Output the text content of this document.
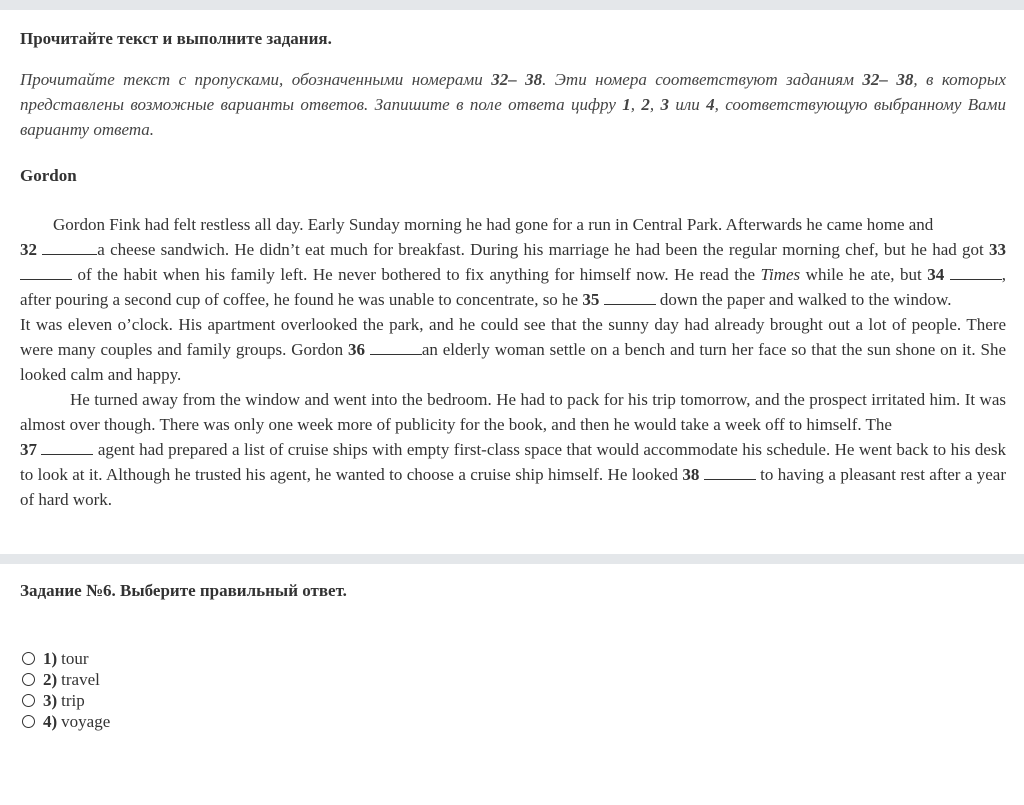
Прочитайте текст и выполните задания.
Прочитайте текст с пропусками, обозначенными номерами 32– 38. Эти номера соответствуют заданиям 32– 38, в которых представлены возможные варианты ответов. Запишите в поле ответа цифру 1, 2, 3 или 4, соответствующую выбранному Вами варианту ответа.
Gordon

Gordon Fink had felt restless all day. Early Sunday morning he had gone for a run in Central Park. Afterwards he came home and
32	a cheese sandwich. He didn’t eat much for breakfast. During his marriage he had been the regular morning chef, but he had got 33  of the habit when his family left. He never bothered to fix anything for himself now. He read the Times while he ate, but 34	, after pouring a second cup of coffee, he found he was unable to concentrate, so he 35	down the paper and walked to the window.

It was eleven o’clock. His apartment overlooked the park, and he could see that the sunny day had already brought out a lot of people. There were many couples and family groups. Gordon 36	an elderly woman settle on a bench and turn her face so that the sun shone on it. She looked calm and happy.

He turned away from the window and went into the bedroom. He had to pack for his trip tomorrow, and the prospect irritated him. It was almost over though. There was only one week more of publicity for the book, and then he would take a week off to himself. The
37	agent had prepared a list of cruise ships with empty first-class space that would accommodate his schedule. He went back to his desk to look at it. Although he trusted his agent, he wanted to choose a cruise ship himself. He looked 38	to having a pleasant rest after a year of hard work.

Задание №6. Выберите правильный ответ.
1) tour
2) travel
3) trip
4) voyage
